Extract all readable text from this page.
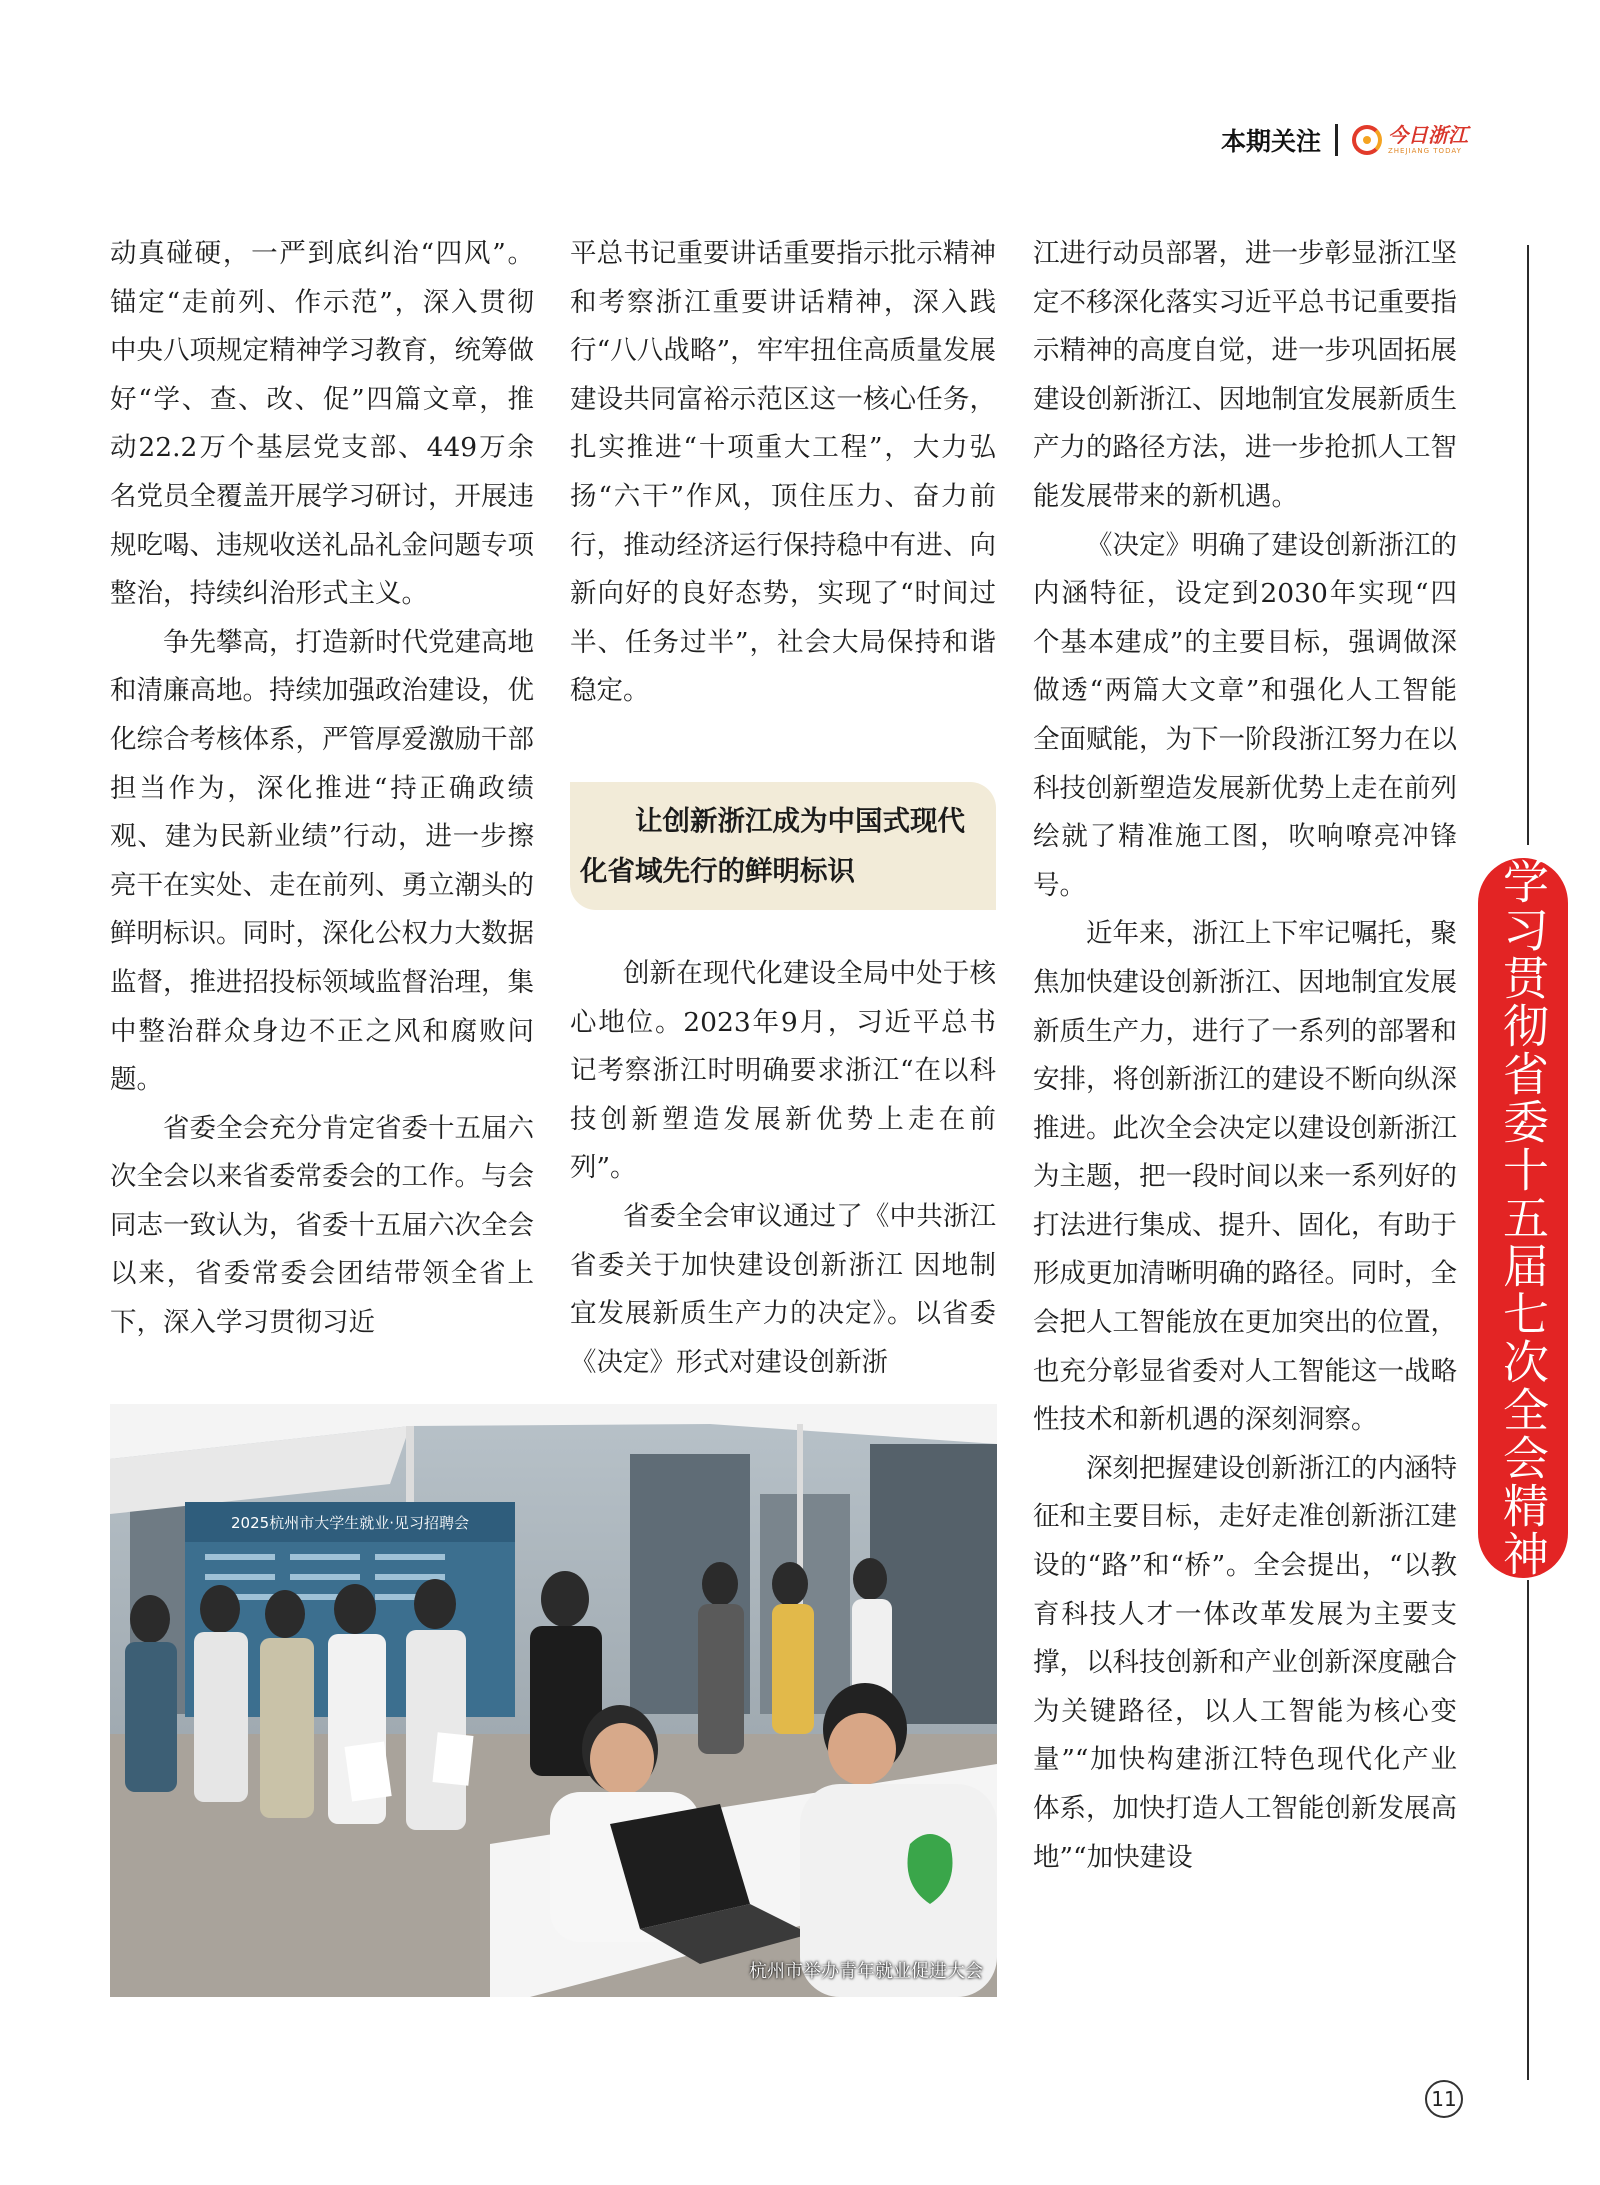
本期关注	今日浙江
ZHEJIANG TODAY

动真碰硬，一严到底纠治“四风”。锚定“走前列、作示范”，深入贯彻中央八项规定精神学习教育，统筹做好“学、查、改、促”四篇文章，推动22.2万个基层党支部、449万余名党员全覆盖开展学习研讨，开展违规吃喝、违规收送礼品礼金问题专项整治，持续纠治形式主义。

争先攀高，打造新时代党建高地和清廉高地。持续加强政治建设，优化综合考核体系，严管厚爱激励干部担当作为，深化推进“持正确政绩观、建为民新业绩”行动，进一步擦亮干在实处、走在前列、勇立潮头的鲜明标识。同时，深化公权力大数据监督，推进招投标领域监督治理，集中整治群众身边不正之风和腐败问题。

省委全会充分肯定省委十五届六次全会以来省委常委会的工作。与会同志一致认为，省委十五届六次全会以来，省委常委会团结带领全省上下，深入学习贯彻习近

平总书记重要讲话重要指示批示精神和考察浙江重要讲话精神，深入践行“八八战略”，牢牢扭住高质量发展建设共同富裕示范区这一核心任务，扎实推进“十项重大工程”，大力弘扬“六干”作风，顶住压力、奋力前行，推动经济运行保持稳中有进、向新向好的良好态势，实现了“时间过半、任务过半”，社会大局保持和谐稳定。

让创新浙江成为中国式现代化省域先行的鲜明标识

创新在现代化建设全局中处于核心地位。2023年9月，习近平总书记考察浙江时明确要求浙江“在以科技创新塑造发展新优势上走在前列”。

省委全会审议通过了《中共浙江省委关于加快建设创新浙江 因地制宜发展新质生产力的决定》。以省委《决定》形式对建设创新浙

江进行动员部署，进一步彰显浙江坚定不移深化落实习近平总书记重要指示精神的高度自觉，进一步巩固拓展建设创新浙江、因地制宜发展新质生产力的路径方法，进一步抢抓人工智能发展带来的新机遇。

《决定》明确了建设创新浙江的内涵特征，设定到2030年实现“四个基本建成”的主要目标，强调做深做透“两篇大文章”和强化人工智能全面赋能，为下一阶段浙江努力在以科技创新塑造发展新优势上走在前列绘就了精准施工图，吹响嘹亮冲锋号。

近年来，浙江上下牢记嘱托，聚焦加快建设创新浙江、因地制宜发展新质生产力，进行了一系列的部署和安排，将创新浙江的建设不断向纵深推进。此次全会决定以建设创新浙江为主题，把一段时间以来一系列好的打法进行集成、提升、固化，有助于形成更加清晰明确的路径。同时，全会把人工智能放在更加突出的位置，也充分彰显省委对人工智能这一战略性技术和新机遇的深刻洞察。

深刻把握建设创新浙江的内涵特征和主要目标，走好走准创新浙江建设的“路”和“桥”。全会提出，“以教育科技人才一体改革发展为主要支撑，以科技创新和产业创新深度融合为关键路径，以人工智能为核心变量”“加快构建浙江特色现代化产业体系，加快打造人工智能创新发展高地”“加快建设

2025杭州市大学生就业·见习招聘会
杭州市举办青年就业促进大会
学习贯彻省委十五届七次全会精神
11
